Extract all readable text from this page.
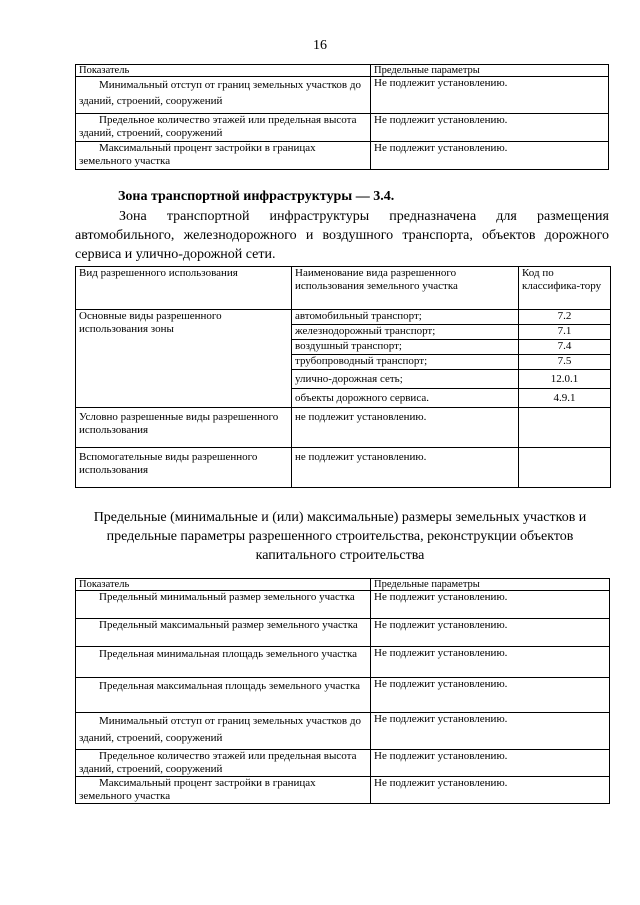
16
Показатель	Предельные параметры
Минимальный отступ от границ земельных участков до зданий, строений, сооружений	Не подлежит установлению.
Предельное количество этажей или предельная высота зданий, строений, сооружений	Не подлежит установлению.
Максимальный процент застройки в границах земельного участка	Не подлежит установлению.
Зона транспортной инфраструктуры — 3.4.
Зона транспортной инфраструктуры предназначена для размещения автомобильного, железнодорожного и воздушного транспорта, объектов дорожного сервиса и улично-дорожной сети.
Вид разрешенного использования	Наименование вида разрешенного использования земельного участка	Код по классифика-тору
Основные виды разрешенного использования зоны	автомобильный транспорт;	7.2
	железнодорожный транспорт;	7.1
	воздушный транспорт;	7.4
	трубопроводный транспорт;	7.5
	улично-дорожная сеть;	12.0.1
	объекты дорожного сервиса.	4.9.1
Условно разрешенные виды разрешенного использования	не подлежит установлению.	
Вспомогательные виды разрешенного использования	не подлежит установлению.	
Предельные (минимальные и (или) максимальные) размеры земельных участков и предельные параметры разрешенного строительства, реконструкции объектов капитального строительства
Показатель	Предельные параметры
Предельный минимальный размер земельного участка	Не подлежит установлению.
Предельный максимальный размер земельного участка	Не подлежит установлению.
Предельная минимальная площадь земельного участка	Не подлежит установлению.
Предельная максимальная площадь земельного участка	Не подлежит установлению.
Минимальный отступ от границ земельных участков до зданий, строений, сооружений	Не подлежит установлению.
Предельное количество этажей или предельная высота зданий, строений, сооружений	Не подлежит установлению.
Максимальный процент застройки в границах земельного участка	Не подлежит установлению.
